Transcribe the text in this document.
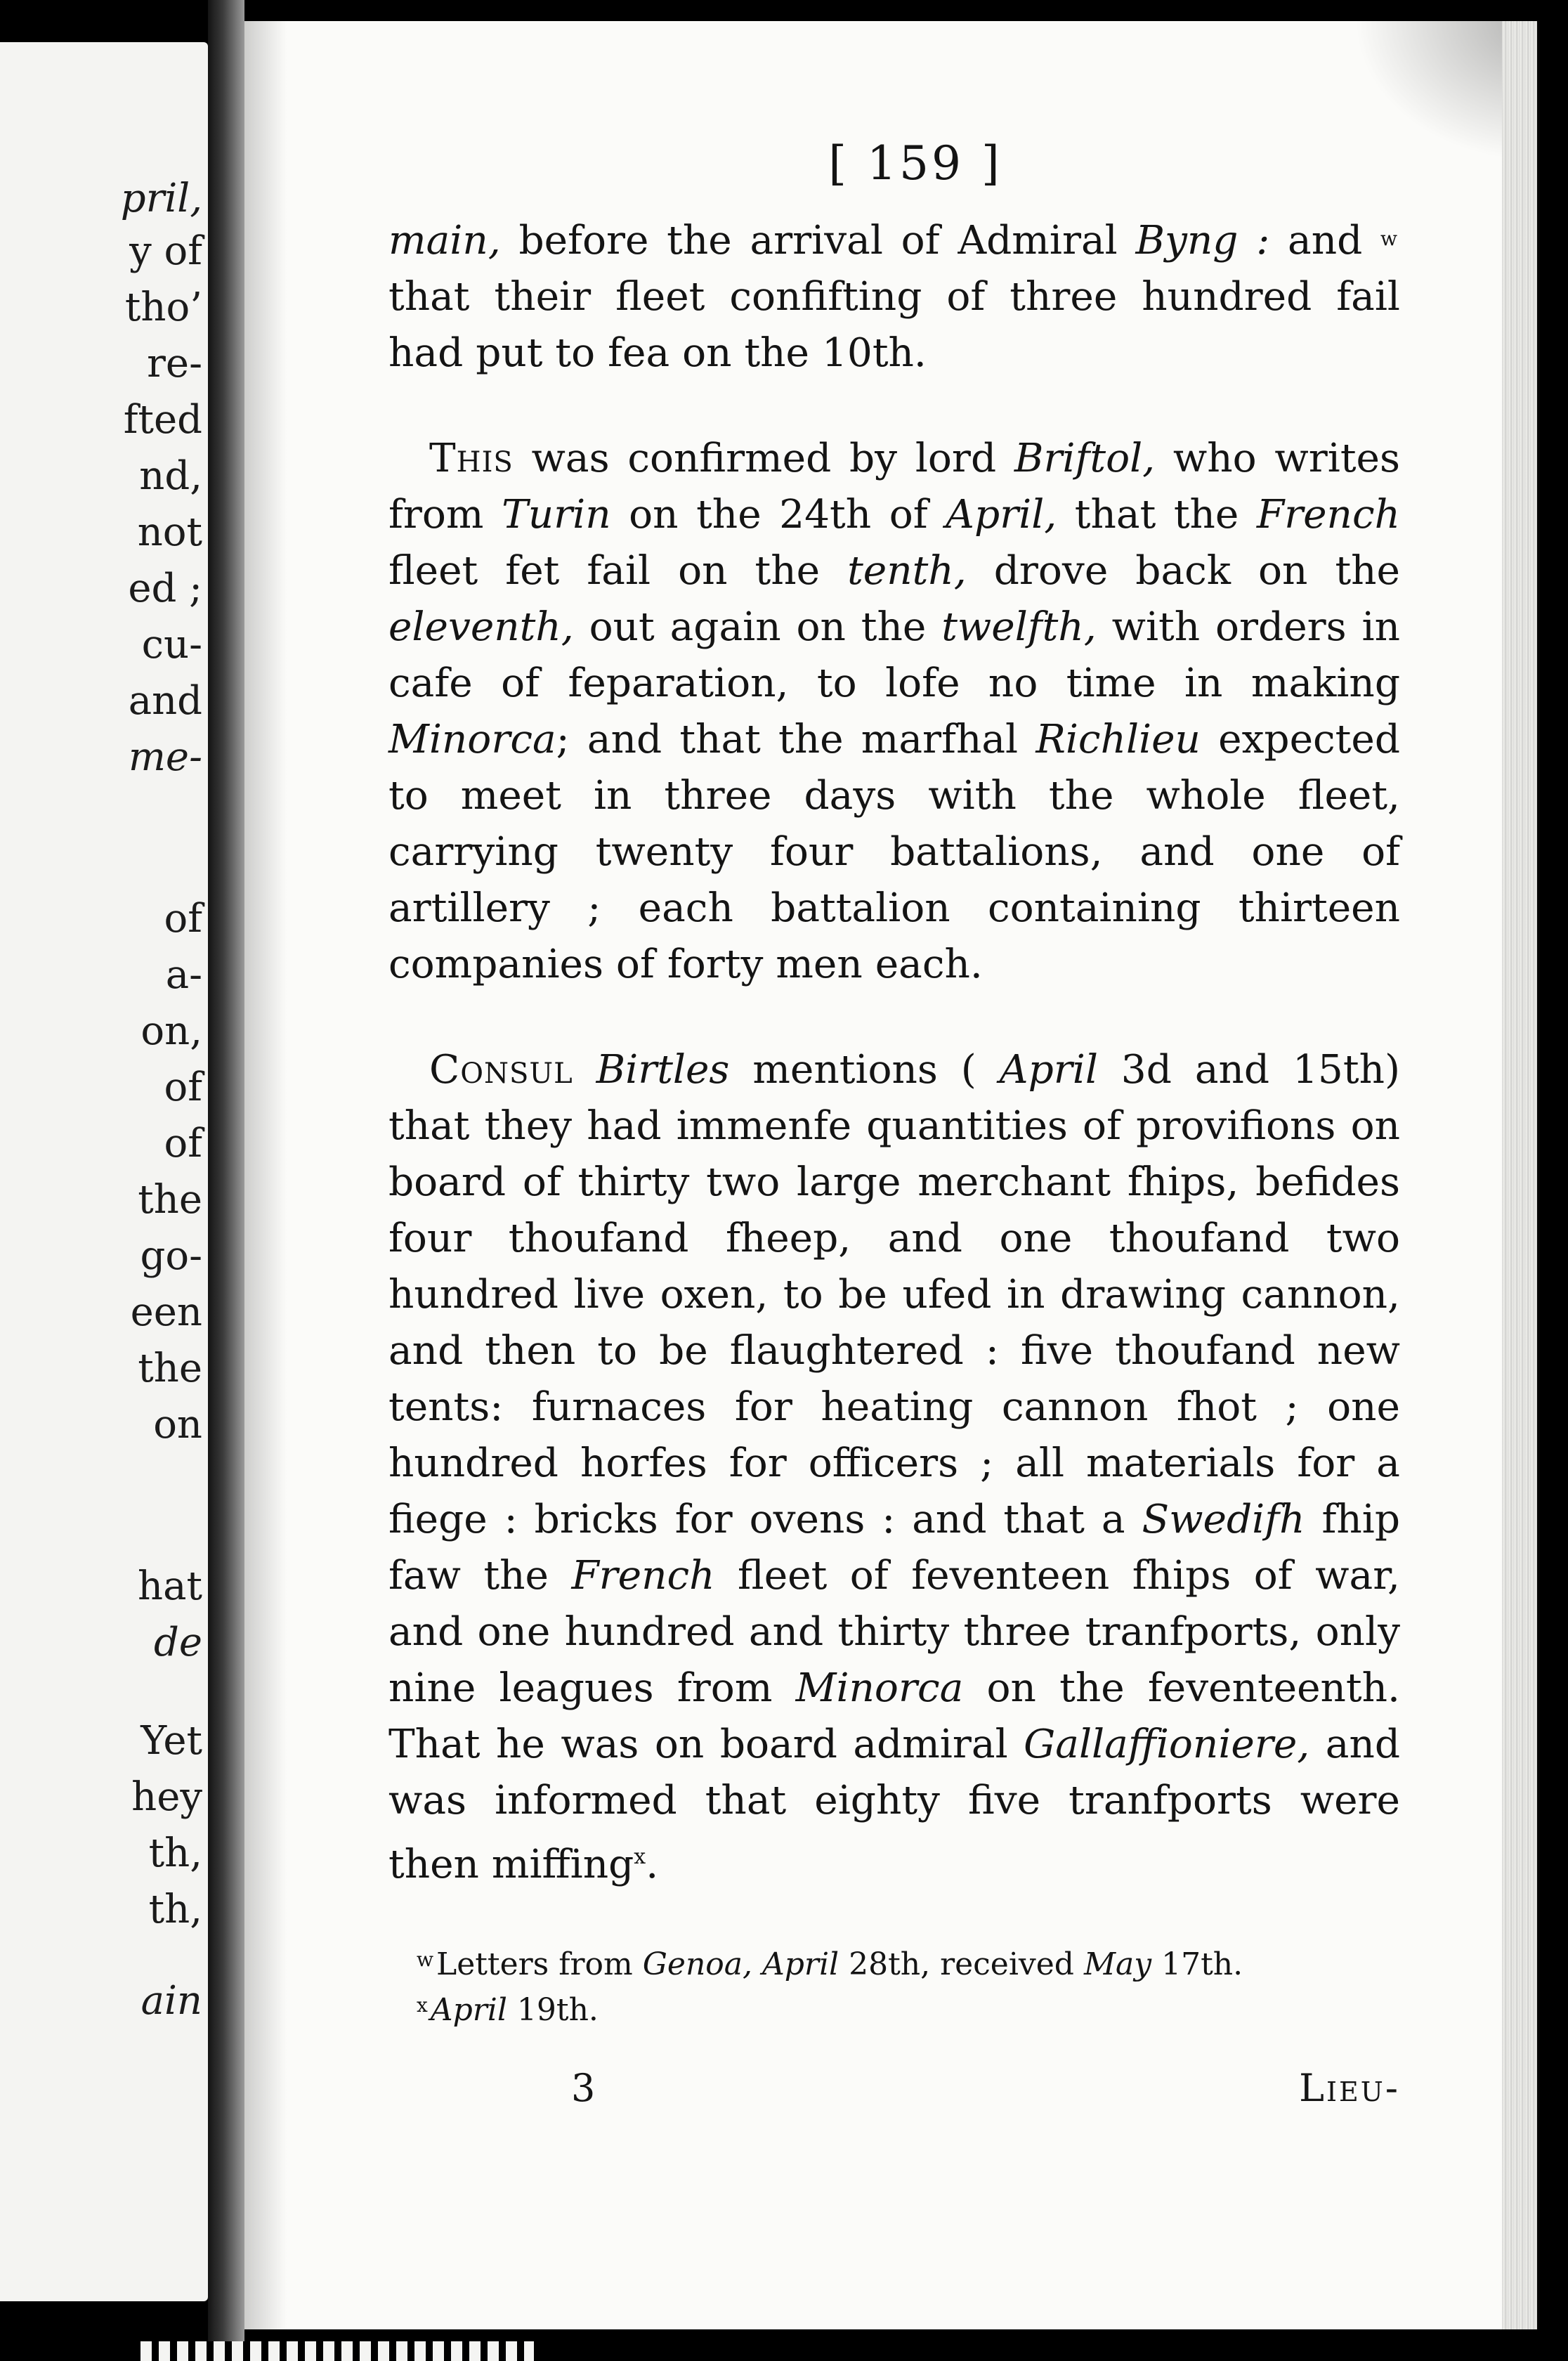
pril,
y of
tho’
re-
fted
nd,
not
ed ;
cu-
and
me-
of
a-
on,
of
of
the
go-
een
the
on
hat
de
Yet
hey
th,
th,
ain
[ 159 ]

main, before the arrival of Admiral Byng : and $^w$ that their fleet confifting of three hundred fail had put to fea on the 10th.

This was confirmed by lord Briftol, who writes from Turin on the 24th of April, that the French fleet fet fail on the tenth, drove back on the eleventh, out again on the twelfth, with orders in cafe of feparation, to lofe no time in making Minorca; and that the marfhal Richlieu expected to meet in three days with the whole fleet, carrying twenty four battalions, and one of artillery ; each battalion containing thirteen companies of forty men each.

Consul Birtles mentions ( April 3d and 15th) that they had immenfe quantities of provifions on board of thirty two large merchant fhips, befides four thoufand fheep, and one thoufand two hundred live oxen, to be ufed in drawing cannon, and then to be flaughtered : five thoufand new tents: furnaces for heating cannon fhot ; one hundred horfes for officers ; all materials for a fiege : bricks for ovens : and that a Swedifh fhip faw the French fleet of feventeen fhips of war, and one hundred and thirty three tranfports, only nine leagues from Minorca on the feventeenth. That he was on board admiral Gallaffioniere, and was informed that eighty five tranfports were then miffing$^x$.

$^w$Letters from Genoa, April 28th, received May 17th.
$^x$April 19th.
3	Lieu-
